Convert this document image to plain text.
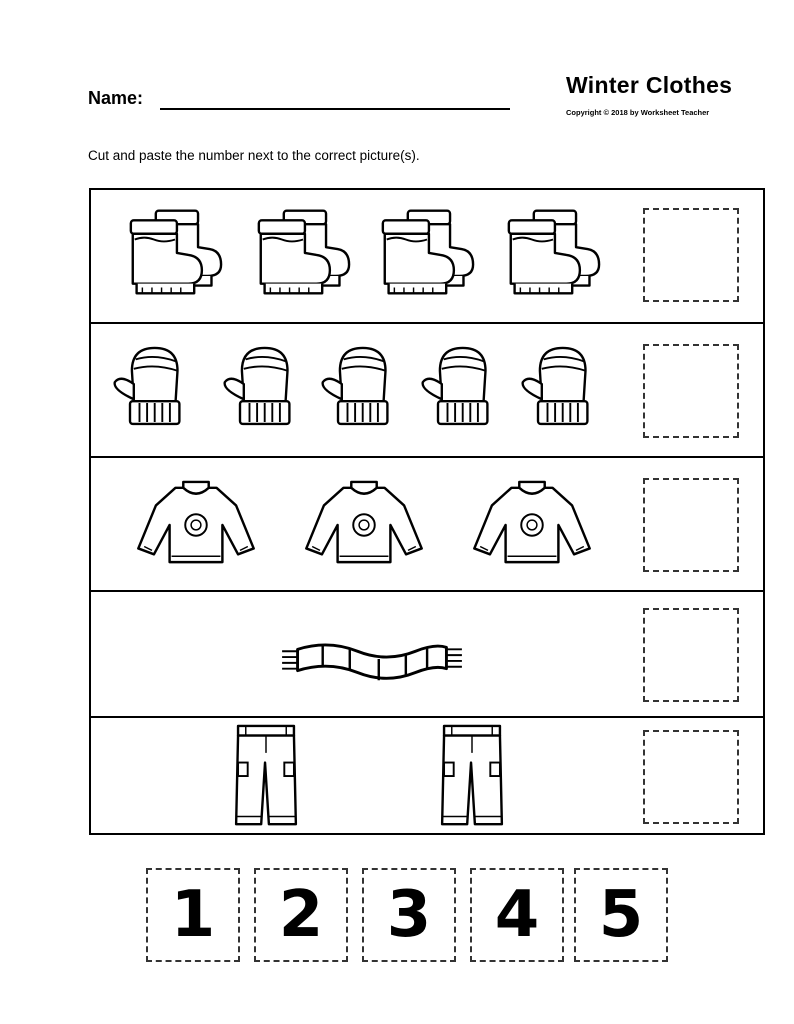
Name:	Winter Clothes
Copyright © 2018 by Worksheet Teacher
Cut and paste the number next to the correct picture(s).
1 2 3 4 5
